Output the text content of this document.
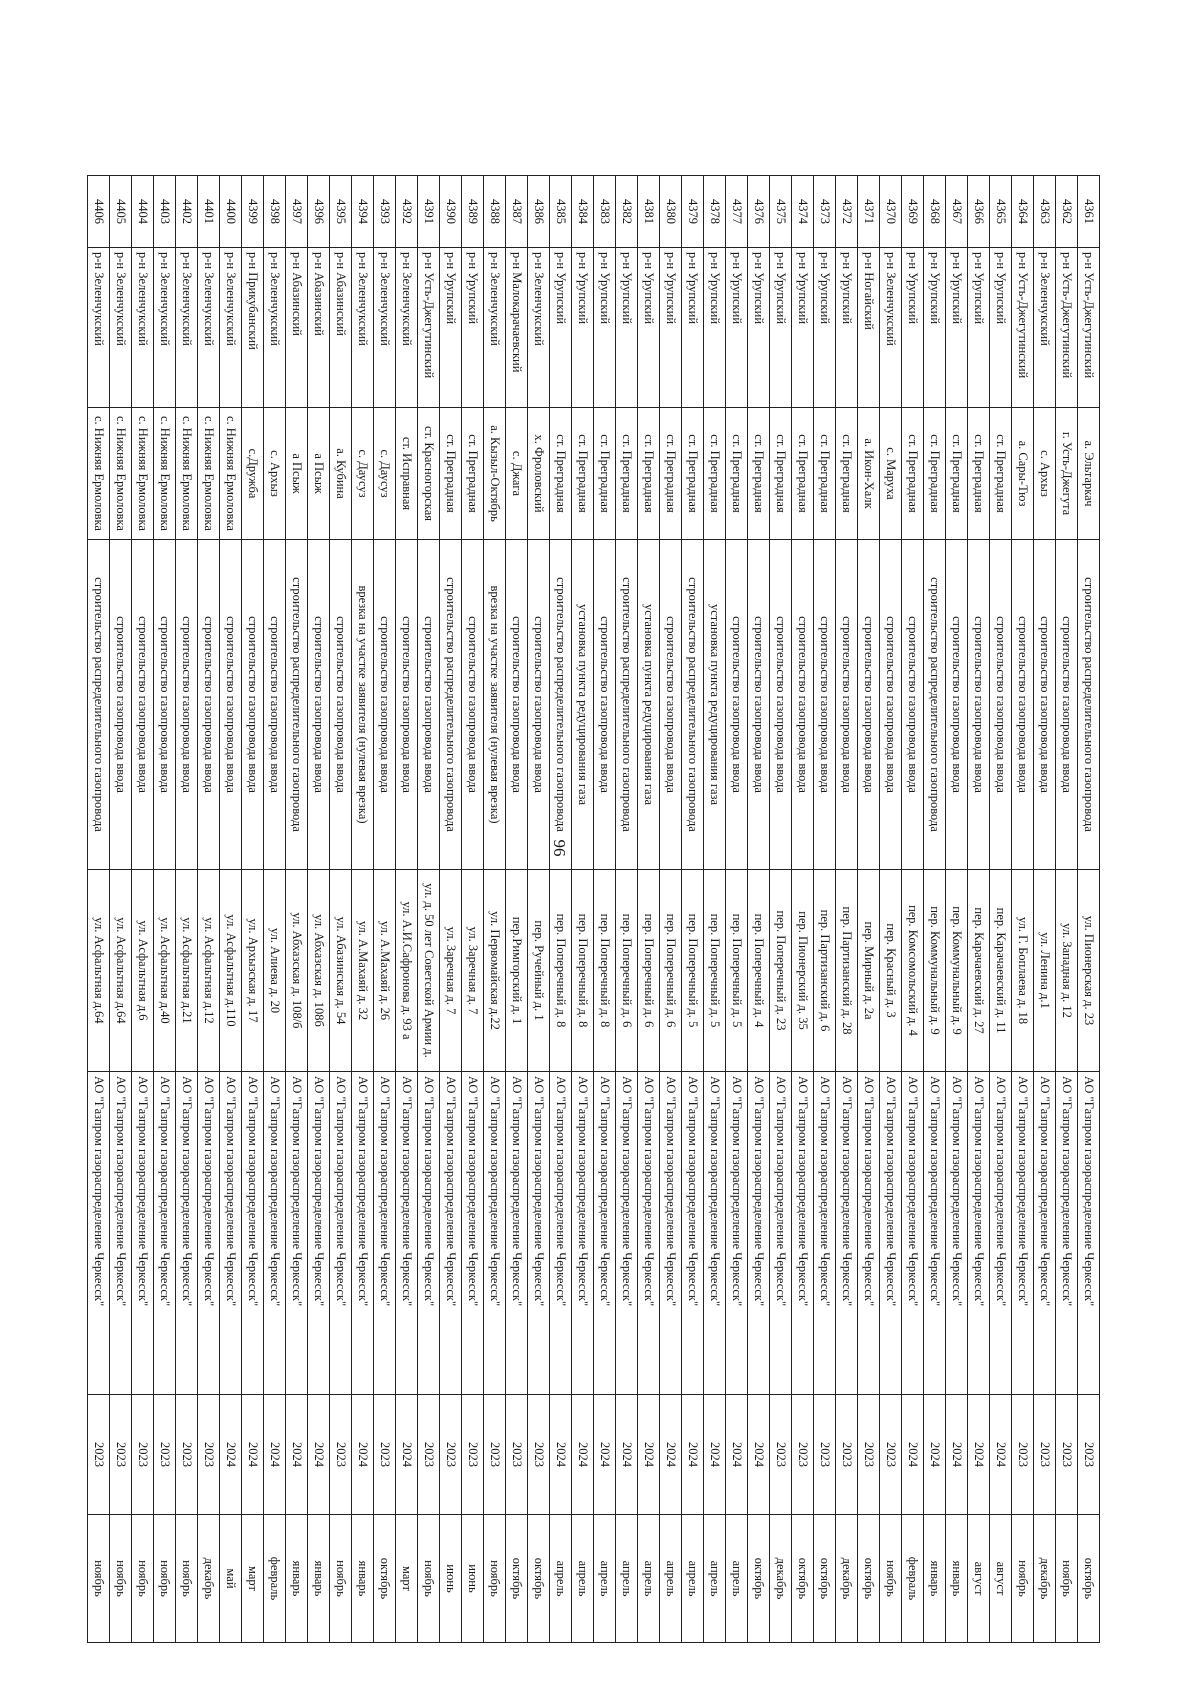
96
4361	р-н Усть-Джегутинский	а. Эльтаркач	строительство распределительного газопровода	ул. Пионерская д. 23	АО "Газпром газораспределение Черкесск"	2023	октябрь
4362	р-н Усть-Джегутинский	г. Усть-Джегута	строительство газопровода ввода	ул. Западная д. 12	АО "Газпром газораспределение Черкесск"	2023	ноябрь
4363	р-н Зеленчукский	с. Архыз	строительство газопровода ввода	ул. Ленина д.1	АО "Газпром газораспределение Черкесск"	2023	декабрь
4364	р-н Усть-Джегутинский	а. Сары-Тюз	строительство газопровода ввода	ул. Г. Боплаева д. 18	АО "Газпром газораспределение Черкесск"	2023	ноябрь
4365	р-н Урупский	ст. Преградная	строительство газопровода ввода	пер. Карачаевский д. 11	АО "Газпром газораспределение Черкесск"	2024	август
4366	р-н Урупский	ст. Преградная	строительство газопровода ввода	пер. Карачаевский д. 27	АО "Газпром газораспределение Черкесск"	2024	август
4367	р-н Урупский	ст. Преградная	строительство газопровода ввода	пер. Коммунальный д. 9	АО "Газпром газораспределение Черкесск"	2024	январь
4368	р-н Урупский	ст. Преградная	строительство распределительного газопровода	пер. Коммунальный д. 9	АО "Газпром газораспределение Черкесск"	2024	январь
4369	р-н Урупский	ст. Преградная	строительство газопровода ввода	пер. Комсомольский д. 4	АО "Газпром газораспределение Черкесск"	2024	февраль
4370	р-н Зеленчукский	с. Маруха	строительство газопровода ввода	пер. Красный д. 3	АО "Газпром газораспределение Черкесск"	2023	ноябрь
4371	р-н Ногайский	а. Икон-Халк	строительство газопровода ввода	пер. Мирный д. 2а	АО "Газпром газораспределение Черкесск"	2023	октябрь
4372	р-н Урупский	ст. Преградная	строительство газопровода ввода	пер. Партизанский д. 28	АО "Газпром газораспределение Черкесск"	2023	декабрь
4373	р-н Урупский	ст. Преградная	строительство газопровода ввода	пер. Партизанский д. 6	АО "Газпром газораспределение Черкесск"	2023	октябрь
4374	р-н Урупский	ст. Преградная	строительство газопровода ввода	пер. Пионерский д. 35	АО "Газпром газораспределение Черкесск"	2023	октябрь
4375	р-н Урупский	ст. Преградная	строительство газопровода ввода	пер. Поперечный д. 23	АО "Газпром газораспределение Черкесск"	2023	декабрь
4376	р-н Урупский	ст. Преградная	строительство газопровода ввода	пер. Поперечный д. 4	АО "Газпром газораспределение Черкесск"	2024	октябрь
4377	р-н Урупский	ст. Преградная	строительство газопровода ввода	пер. Поперечный д. 5	АО "Газпром газораспределение Черкесск"	2024	апрель
4378	р-н Урупский	ст. Преградная	установка пункта редуцирования газа	пер. Поперечный д. 5	АО "Газпром газораспределение Черкесск"	2024	апрель
4379	р-н Урупский	ст. Преградная	строительство распределительного газопровода	пер. Поперечный д. 5	АО "Газпром газораспределение Черкесск"	2024	апрель
4380	р-н Урупский	ст. Преградная	строительство газопровода ввода	пер. Поперечный д. 6	АО "Газпром газораспределение Черкесск"	2024	апрель
4381	р-н Урупский	ст. Преградная	установка пункта редуцирования газа	пер. Поперечный д. 6	АО "Газпром газораспределение Черкесск"	2024	апрель
4382	р-н Урупский	ст. Преградная	строительство распределительного газопровода	пер. Поперечный д. 6	АО "Газпром газораспределение Черкесск"	2024	апрель
4383	р-н Урупский	ст. Преградная	строительство газопровода ввода	пер. Поперечный д. 8	АО "Газпром газораспределение Черкесск"	2024	апрель
4384	р-н Урупский	ст. Преградная	установка пункта редуцирования газа	пер. Поперечный д. 8	АО "Газпром газораспределение Черкесск"	2024	апрель
4385	р-н Урупский	ст. Преградная	строительство распределительного газопровода	пер. Поперечный д. 8	АО "Газпром газораспределение Черкесск"	2024	апрель
4386	р-н Зеленчукский	х. Фроловский	строительство газопровода ввода	пер. Ручейный д. 1	АО "Газпром газораспределение Черкесск"	2023	октябрь
4387	р-н Малокарачаевский	с. Джага	строительство газопровода ввода	пер.Римгорский д. 1	АО "Газпром газораспределение Черкесск"	2023	октябрь
4388	р-н Зеленчукский	а. Кызыл-Октябрь	врезка на участке заявителя (нулевая врезка)	ул. Первомайская д.22	АО "Газпром газораспределение Черкесск"	2023	ноябрь
4389	р-н Урупский	ст. Преградная	строительство газопровода ввода	ул. Заречная д. 7	АО "Газпром газораспределение Черкесск"	2023	июнь
4390	р-н Урупский	ст. Преградная	строительство распределительного газопровода	ул. Заречная д. 7	АО "Газпром газораспределение Черкесск"	2023	июнь
4391	р-н Усть-Джегутинский	ст. Красногорская	строительство газопровода ввода	ул. д. 50 лет Советской Армии д.	АО "Газпром газораспределение Черкесск"	2023	ноябрь
4392	р-н Зеленчукский	ст. Исправная	строительство газопровода ввода	ул. А.И.Сафронова д. 93 а	АО "Газпром газораспределение Черкесск"	2024	март
4393	р-н Зеленчукский	с. Даусуз	строительство газопровода ввода	ул. А.Махаяй д. 26	АО "Газпром газораспределение Черкесск"	2023	октябрь
4394	р-н Зеленчукский	с. Даусуз	врезка на участке заявителя (нулевая врезка)	ул. А.Махаяй д. 32	АО "Газпром газораспределение Черкесск"	2024	январь
4395	р-н Абазинский	а. Кубина	строительство газопровода ввода	ул. Абазинская д. 54	АО "Газпром газораспределение Черкесск"	2023	ноябрь
4396	р-н Абазинский	а Псыж	строительство газопровода ввода	ул. Абхазская д. 108б	АО "Газпром газораспределение Черкесск"	2024	январь
4397	р-н Абазинский	а Псыж	строительство распределительного газопровода	ул. Абхазская д. 108/б	АО "Газпром газораспределение Черкесск"	2024	январь
4398	р-н Зеленчукский	с. Архыз	строительство газопровода ввода	ул. Алиева д. 20	АО "Газпром газораспределение Черкесск"	2024	февраль
4399	р-н Прикубанский	с.Дружба	строительство газопровода ввода	ул. Архызская д. 17	АО "Газпром газораспределение Черкесск"	2024	март
4400	р-н Зеленчукский	с. Нижняя Ермоловка	строительство газопровода ввода	ул. Асфальтная д.110	АО "Газпром газораспределение Черкесск"	2024	май
4401	р-н Зеленчукский	с. Нижняя Ермоловка	строительство газопровода ввода	ул. Асфальтная д.12	АО "Газпром газораспределение Черкесск"	2023	декабрь
4402	р-н Зеленчукский	с. Нижняя Ермоловка	строительство газопровода ввода	ул. Асфальтная д.21	АО "Газпром газораспределение Черкесск"	2023	ноябрь
4403	р-н Зеленчукский	с. Нижняя Ермоловка	строительство газопровода ввода	ул. Асфальтная д.40	АО "Газпром газораспределение Черкесск"	2023	ноябрь
4404	р-н Зеленчукский	с. Нижняя Ермоловка	строительство газопровода ввода	ул. Асфальтная д.6	АО "Газпром газораспределение Черкесск"	2023	ноябрь
4405	р-н Зеленчукский	с. Нижняя Ермоловка	строительство газопровода ввода	ул. Асфальтная д.64	АО "Газпром газораспределение Черкесск"	2023	ноябрь
4406	р-н Зеленчукский	с. Нижняя Ермоловка	строительство распределительного газопровода	ул. Асфальтная д.64	АО "Газпром газораспределение Черкесск"	2023	ноябрь
